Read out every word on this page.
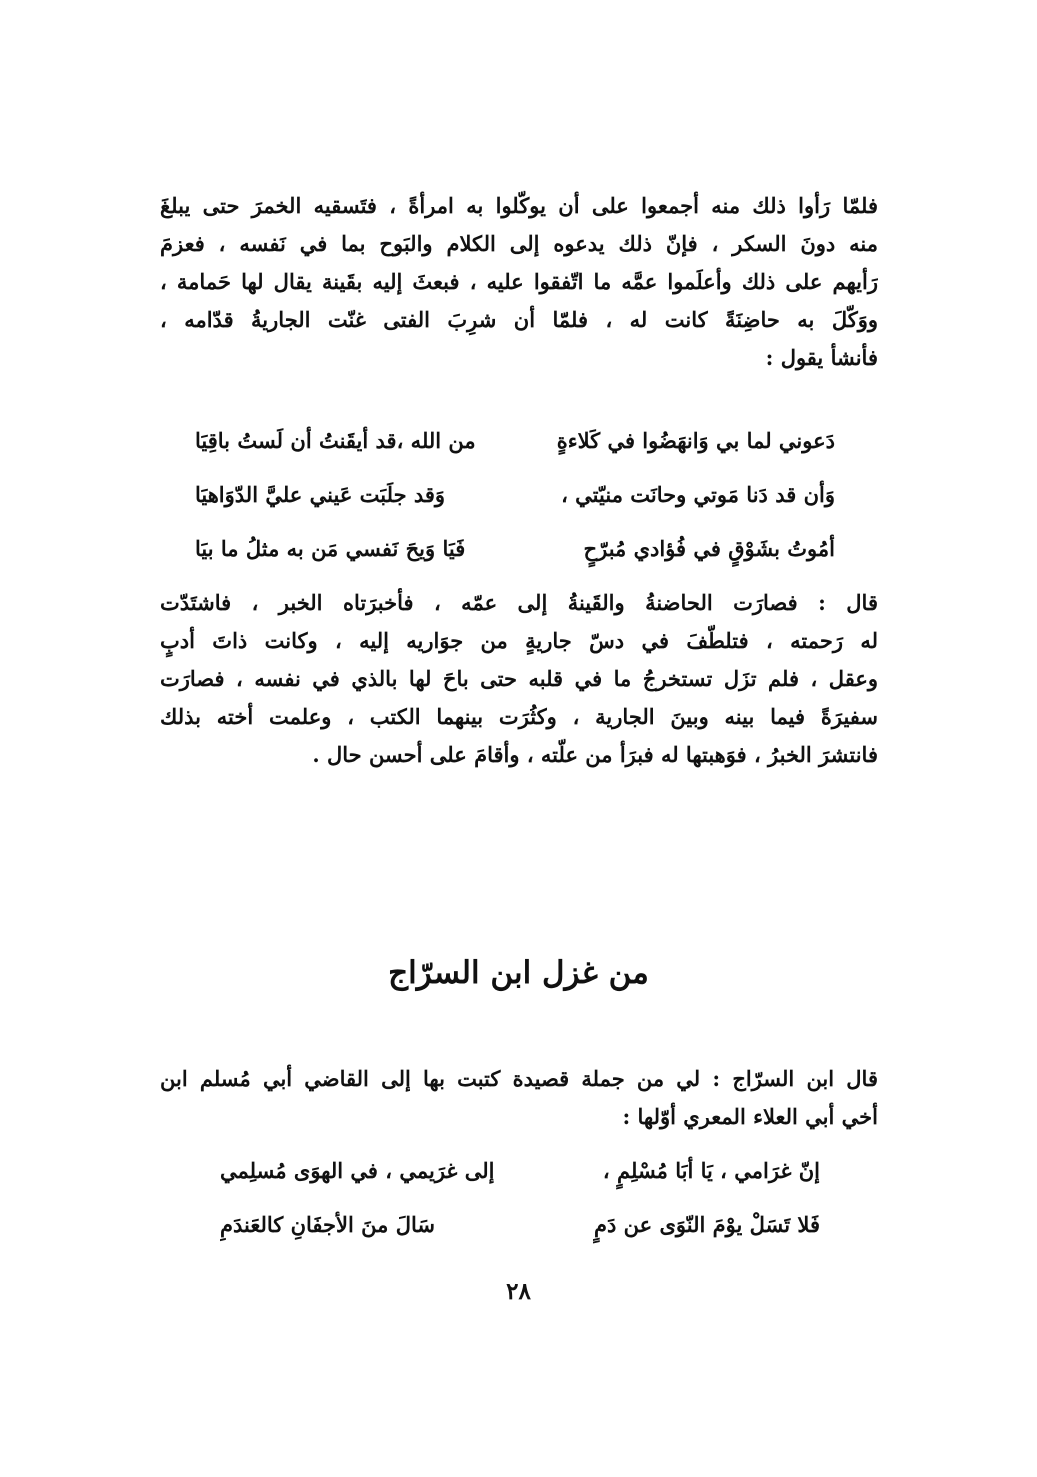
فلمّا رَأوا ذلك منه أجمعوا على أن يوكّلوا به امرأةً ، فتَسقيه الخمرَ حتى يبلغَ
منه دونَ السكر ، فإنّ ذلك يدعوه إلى الكلام والبَوح بما في نَفسه ، فعزمَ
رَأيهم على ذلك وأعلَموا عمَّه ما اتّفقوا عليه ، فبعثَ إليه بقَينة يقال لها حَمامة ،
ووَكّلَ به حاضِنَةً كانت له ، فلمّا أن شرِبَ الفتى غنّت الجاريةُ قدّامه ،
فأنشأ يقول :
دَعوني لما بي وَانهَضُوا في كَلاءةٍ
من الله ،قد أيقَنتُ أن لَستُ باقِيَا
وَأن قد دَنا مَوتي وحانَت منيّتي ،
وَقد جلَبَت عَيني عليَّ الدّوَاهيَا
أمُوتُ بشَوْقٍ في فُؤادي مُبرّحٍ
فَيَا وَيحَ نَفسي مَن به مثلُ ما بيَا
قال : فصارَت الحاضنةُ والقَينةُ إلى عمّه ، فأخبرَتاه الخبر ، فاشتَدّت
له رَحمته ، فتلطّفَ في دسّ جاريةٍ من جوَاريه إليه ، وكانت ذاتَ أدبٍ
وعقل ، فلم تزَل تستخرجُ ما في قلبه حتى باحَ لها بالذي في نفسه ، فصارَت
سفيرَةً فيما بينه وبينَ الجارية ، وكثُرَت بينهما الكتب ، وعلمت أخته بذلك
فانتشرَ الخبرُ ، فوَهبتها له فبرَأ من علّته ، وأقامَ على أحسن حال .
من غزل ابن السرّاج
قال ابن السرّاج : لي من جملة قصيدة كتبت بها إلى القاضي أبي مُسلم ابن
أخي أبي العلاء المعري أوّلها :
إنّ غرَامي ، يَا أبَا مُسْلِمٍ ،
إلى غرَيمي ، في الهوَى مُسلِمي
فَلا تَسَلْ يوْمَ النّوَى عن دَمٍ
سَالَ منَ الأجفَانِ كالعَندَمِ
٢٨
